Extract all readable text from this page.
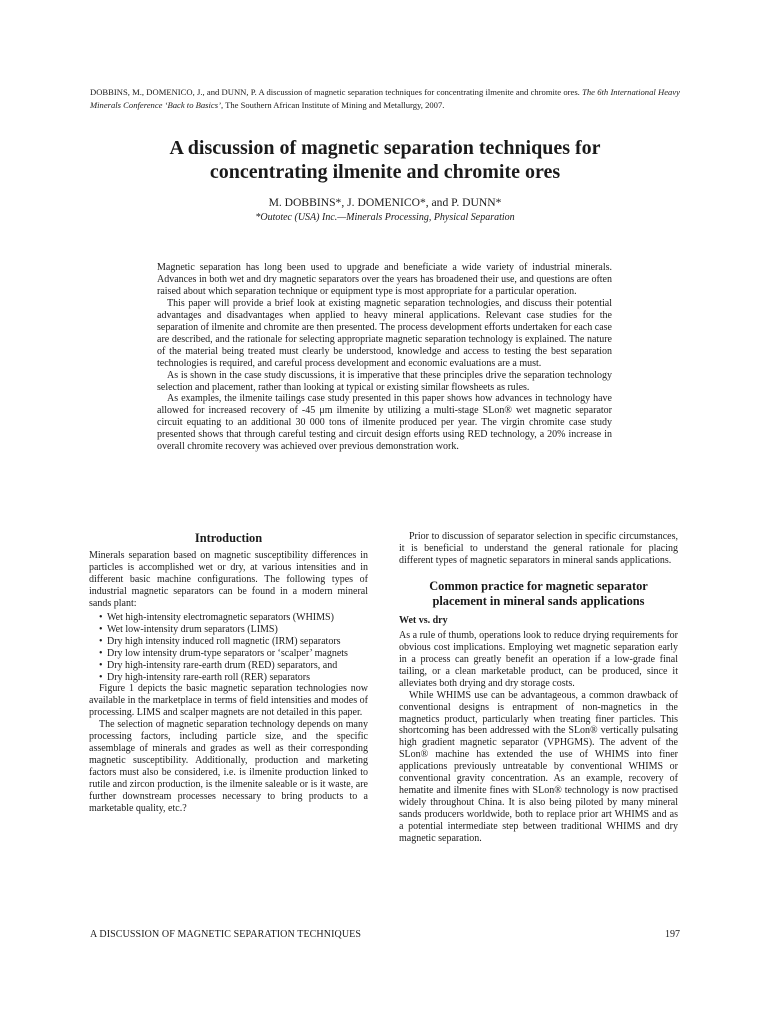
DOBBINS, M., DOMENICO, J., and DUNN, P. A discussion of magnetic separation techniques for concentrating ilmenite and chromite ores. The 6th International Heavy Minerals Conference ‘Back to Basics’, The Southern African Institute of Mining and Metallurgy, 2007.
A discussion of magnetic separation techniques for
concentrating ilmenite and chromite ores
M. DOBBINS*, J. DOMENICO*, and P. DUNN*
*Outotec (USA) Inc.—Minerals Processing, Physical Separation

Magnetic separation has long been used to upgrade and beneficiate a wide variety of industrial minerals. Advances in both wet and dry magnetic separators over the years has broadened their use, and questions are often raised about which separation technique or equipment type is most appropriate for a particular operation.

This paper will provide a brief look at existing magnetic separation technologies, and discuss their potential advantages and disadvantages when applied to heavy mineral applications. Relevant case studies for the separation of ilmenite and chromite are then presented. The process development efforts undertaken for each case are described, and the rationale for selecting appropriate magnetic separation technology is explained. The nature of the material being treated must clearly be understood, knowledge and access to testing the best separation technologies is required, and careful process development and economic evaluations are a must.

As is shown in the case study discussions, it is imperative that these principles drive the separation technology selection and placement, rather than looking at typical or existing similar flowsheets as rules.

As examples, the ilmenite tailings case study presented in this paper shows how advances in technology have allowed for increased recovery of -45 μm ilmenite by utilizing a multi-stage SLon® wet magnetic separator circuit equating to an additional 30 000 tons of ilmenite produced per year. The virgin chromite case study presented shows that through careful testing and circuit design efforts using RED technology, a 20% increase in overall chromite recovery was achieved over previous demonstration work.

Introduction

Minerals separation based on magnetic susceptibility differences in particles is accomplished wet or dry, at various intensities and in different basic machine configurations. The following types of industrial magnetic separators can be found in a modern mineral sands plant:

• Wet high-intensity electromagnetic separators (WHIMS)
• Wet low-intensity drum separators (LIMS)
• Dry high intensity induced roll magnetic (IRM) separators
• Dry low intensity drum-type separators or ‘scalper’ magnets
• Dry high-intensity rare-earth drum (RED) separators, and
• Dry high-intensity rare-earth roll (RER) separators

Figure 1 depicts the basic magnetic separation technologies now available in the marketplace in terms of field intensities and modes of processing. LIMS and scalper magnets are not detailed in this paper.

The selection of magnetic separation technology depends on many processing factors, including particle size, and the specific assemblage of minerals and grades as well as their corresponding magnetic susceptibility. Additionally, production and marketing factors must also be considered, i.e. is ilmenite production linked to rutile and zircon production, is the ilmenite saleable or is it waste, are further downstream processes necessary to bring products to a marketable quality, etc.?

Prior to discussion of separator selection in specific circumstances, it is beneficial to understand the general rationale for placing different types of magnetic separators in mineral sands applications.

Common practice for magnetic separator
placement in mineral sands applications
Wet vs. dry

As a rule of thumb, operations look to reduce drying requirements for obvious cost implications. Employing wet magnetic separation early in a process can greatly benefit an operation if a low-grade final tailing, or a clean marketable product, can be produced, since it alleviates both drying and dry storage costs.

While WHIMS use can be advantageous, a common drawback of conventional designs is entrapment of non-magnetics in the magnetics product, particularly when treating finer particles. This shortcoming has been addressed with the SLon® vertically pulsating high gradient magnetic separator (VPHGMS). The advent of the SLon® machine has extended the use of WHIMS into finer applications previously untreatable by conventional WHIMS or conventional gravity concentration. As an example, recovery of hematite and ilmenite fines with SLon® technology is now practised widely throughout China. It is also being piloted by many mineral sands producers worldwide, both to replace prior art WHIMS and as a potential intermediate step between traditional WHIMS and dry magnetic separation.

A DISCUSSION OF MAGNETIC SEPARATION TECHNIQUES	197
